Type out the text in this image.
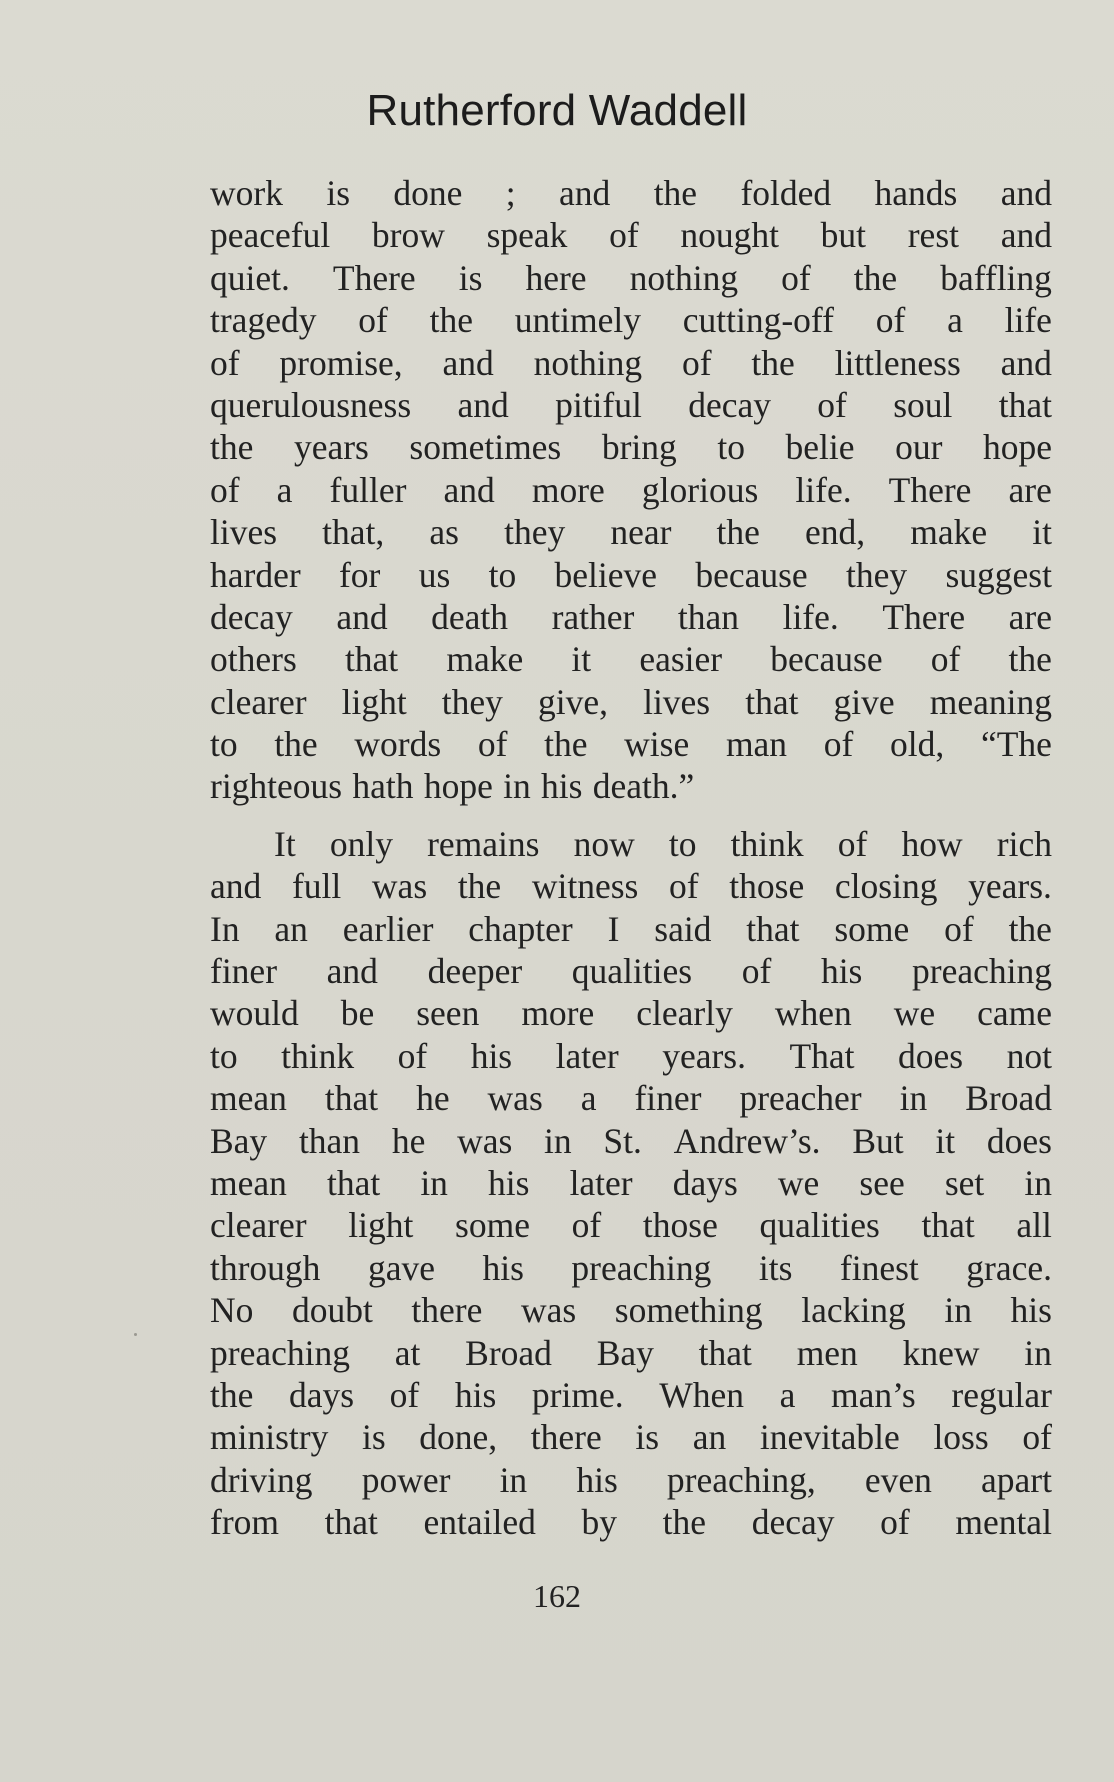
Rutherford Waddell
work is done ; and the folded hands and
peaceful brow speak of nought but rest and
quiet. There is here nothing of the baffling
tragedy of the untimely cutting-off of a life
of promise, and nothing of the littleness and
querulousness and pitiful decay of soul that
the years sometimes bring to belie our hope
of a fuller and more glorious life. There are
lives that, as they near the end, make it
harder for us to believe because they suggest
decay and death rather than life. There are
others that make it easier because of the
clearer light they give, lives that give meaning
to the words of the wise man of old, “The
righteous hath hope in his death.”
It only remains now to think of how rich
and full was the witness of those closing years.
In an earlier chapter I said that some of the
finer and deeper qualities of his preaching
would be seen more clearly when we came
to think of his later years. That does not
mean that he was a finer preacher in Broad
Bay than he was in St. Andrew’s. But it does
mean that in his later days we see set in
clearer light some of those qualities that all
through gave his preaching its finest grace.
No doubt there was something lacking in his
preaching at Broad Bay that men knew in
the days of his prime. When a man’s regular
ministry is done, there is an inevitable loss of
driving power in his preaching, even apart
from that entailed by the decay of mental
162
